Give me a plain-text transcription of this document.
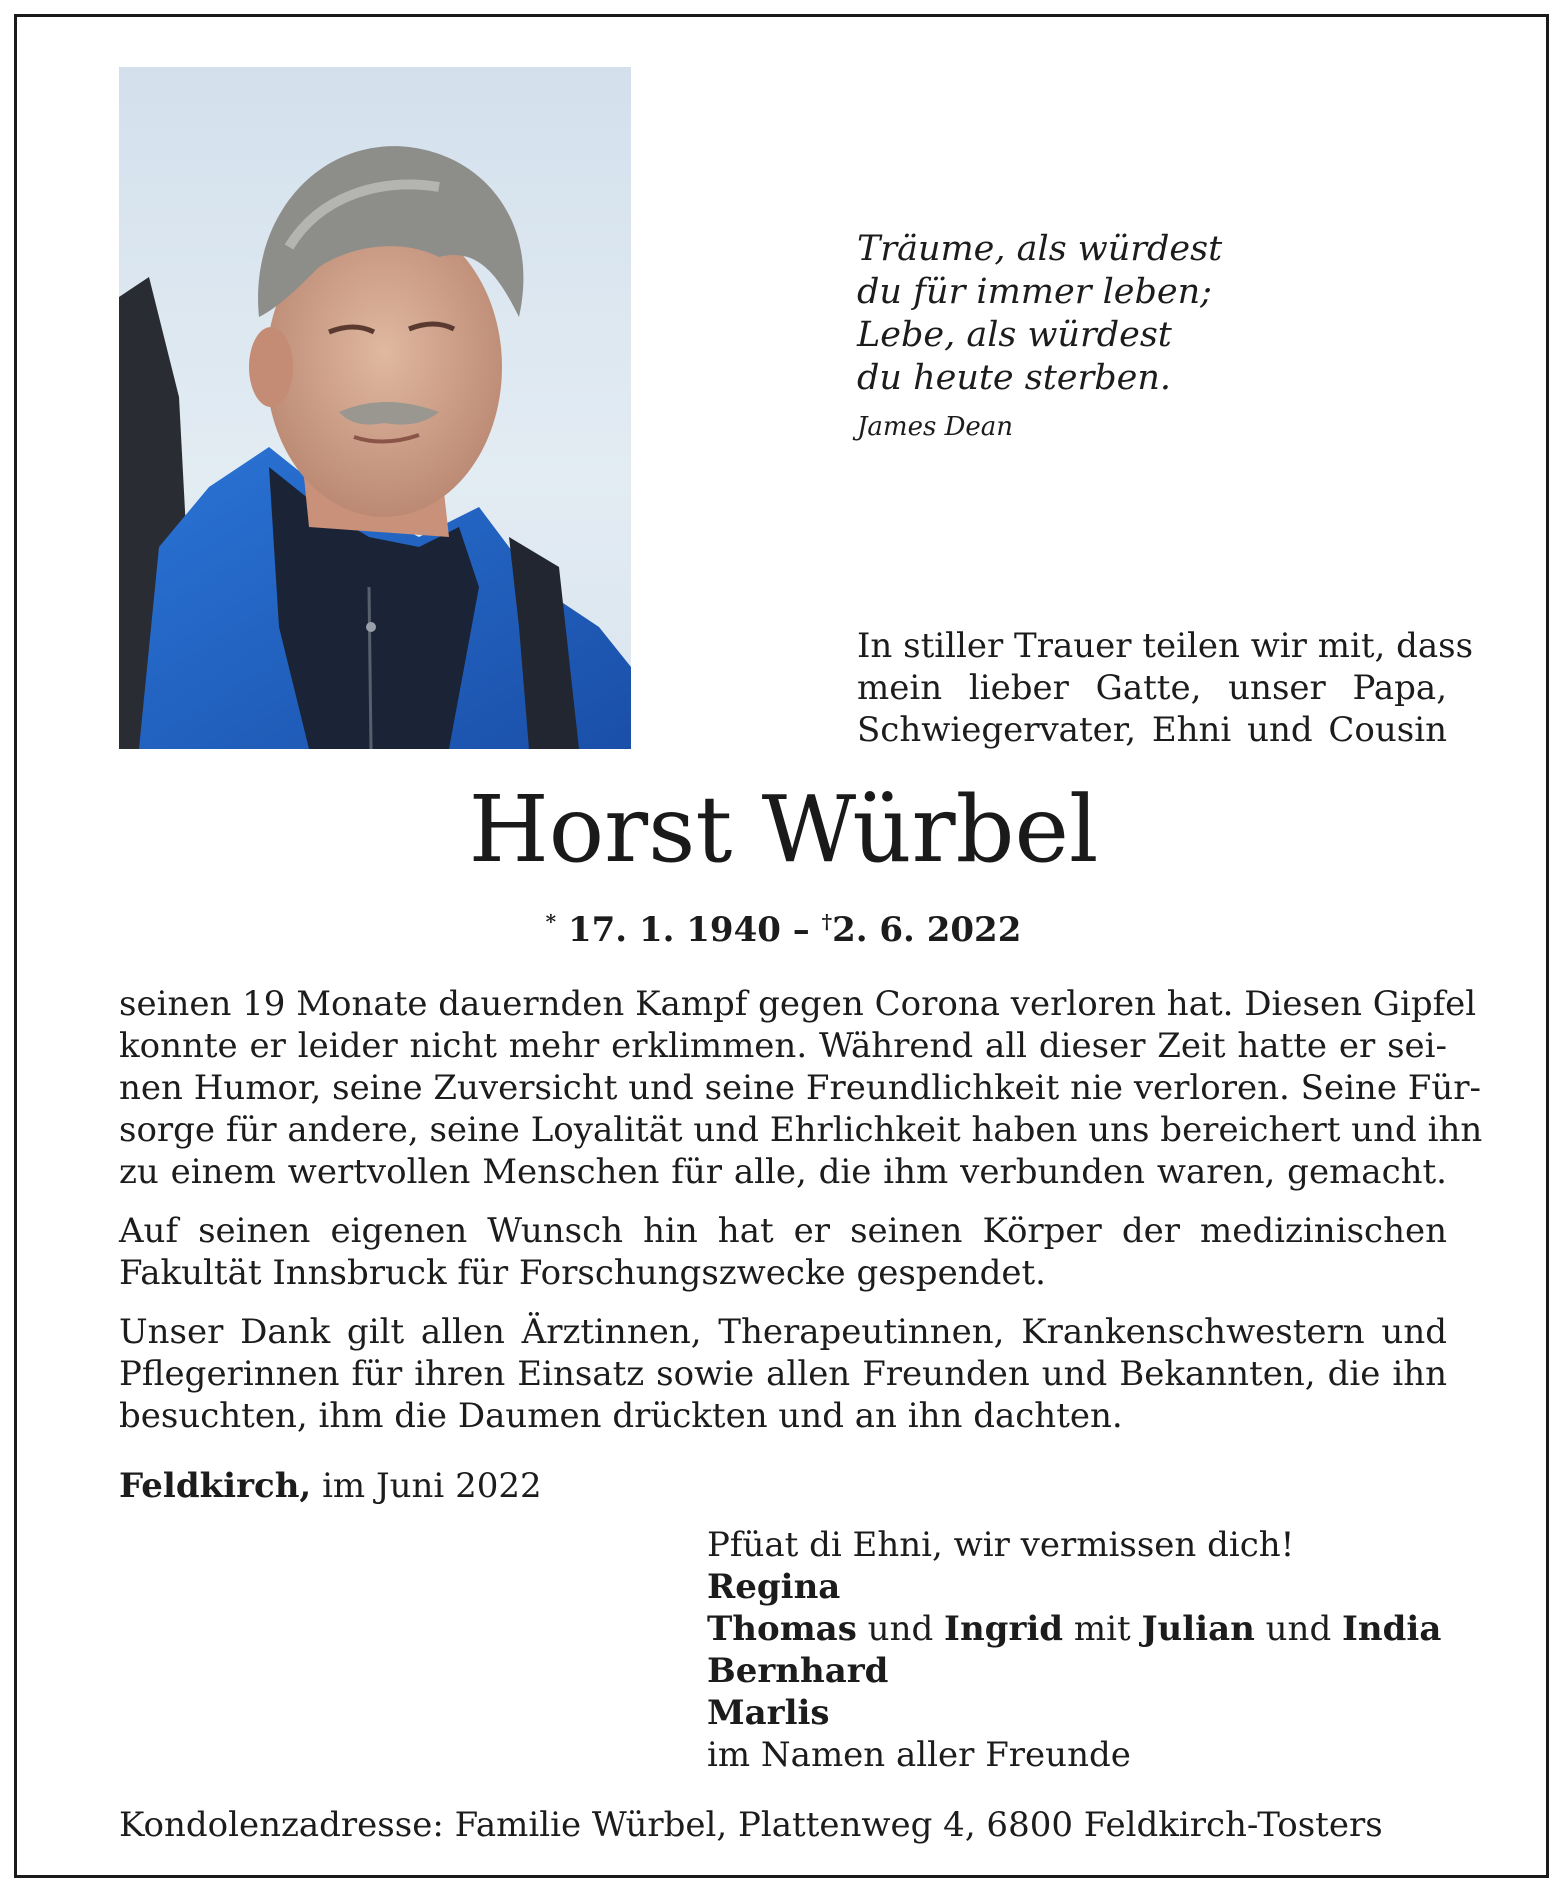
Träume, als würdest
du für immer leben;
Lebe, als würdest
du heute sterben.
James Dean
In stiller Trauer teilen wir mit, dass
mein lieber Gatte, unser Papa,
Schwiegervater, Ehni und Cousin
Horst Würbel
* 17. 1. 1940 – †2. 6. 2022
seinen 19 Monate dauernden Kampf gegen Corona verloren hat. Diesen Gipfel
konnte er leider nicht mehr erklimmen. Während all dieser Zeit hatte er sei-
nen Humor, seine Zuversicht und seine Freundlichkeit nie verloren. Seine Für-
sorge für andere, seine Loyalität und Ehrlichkeit haben uns bereichert und ihn
zu einem wertvollen Menschen für alle, die ihm verbunden waren, gemacht.
Auf seinen eigenen Wunsch hin hat er seinen Körper der medizinischen
Fakultät Innsbruck für Forschungszwecke gespendet.
Unser Dank gilt allen Ärztinnen, Therapeutinnen, Krankenschwestern und
Pflegerinnen für ihren Einsatz sowie allen Freunden und Bekannten, die ihn
besuchten, ihm die Daumen drückten und an ihn dachten.
Feldkirch, im Juni 2022
Pfüat di Ehni, wir vermissen dich!
Regina
Thomas und Ingrid mit Julian und India
Bernhard
Marlis
im Namen aller Freunde
Kondolenzadresse: Familie Würbel, Plattenweg 4, 6800 Feldkirch-Tosters
